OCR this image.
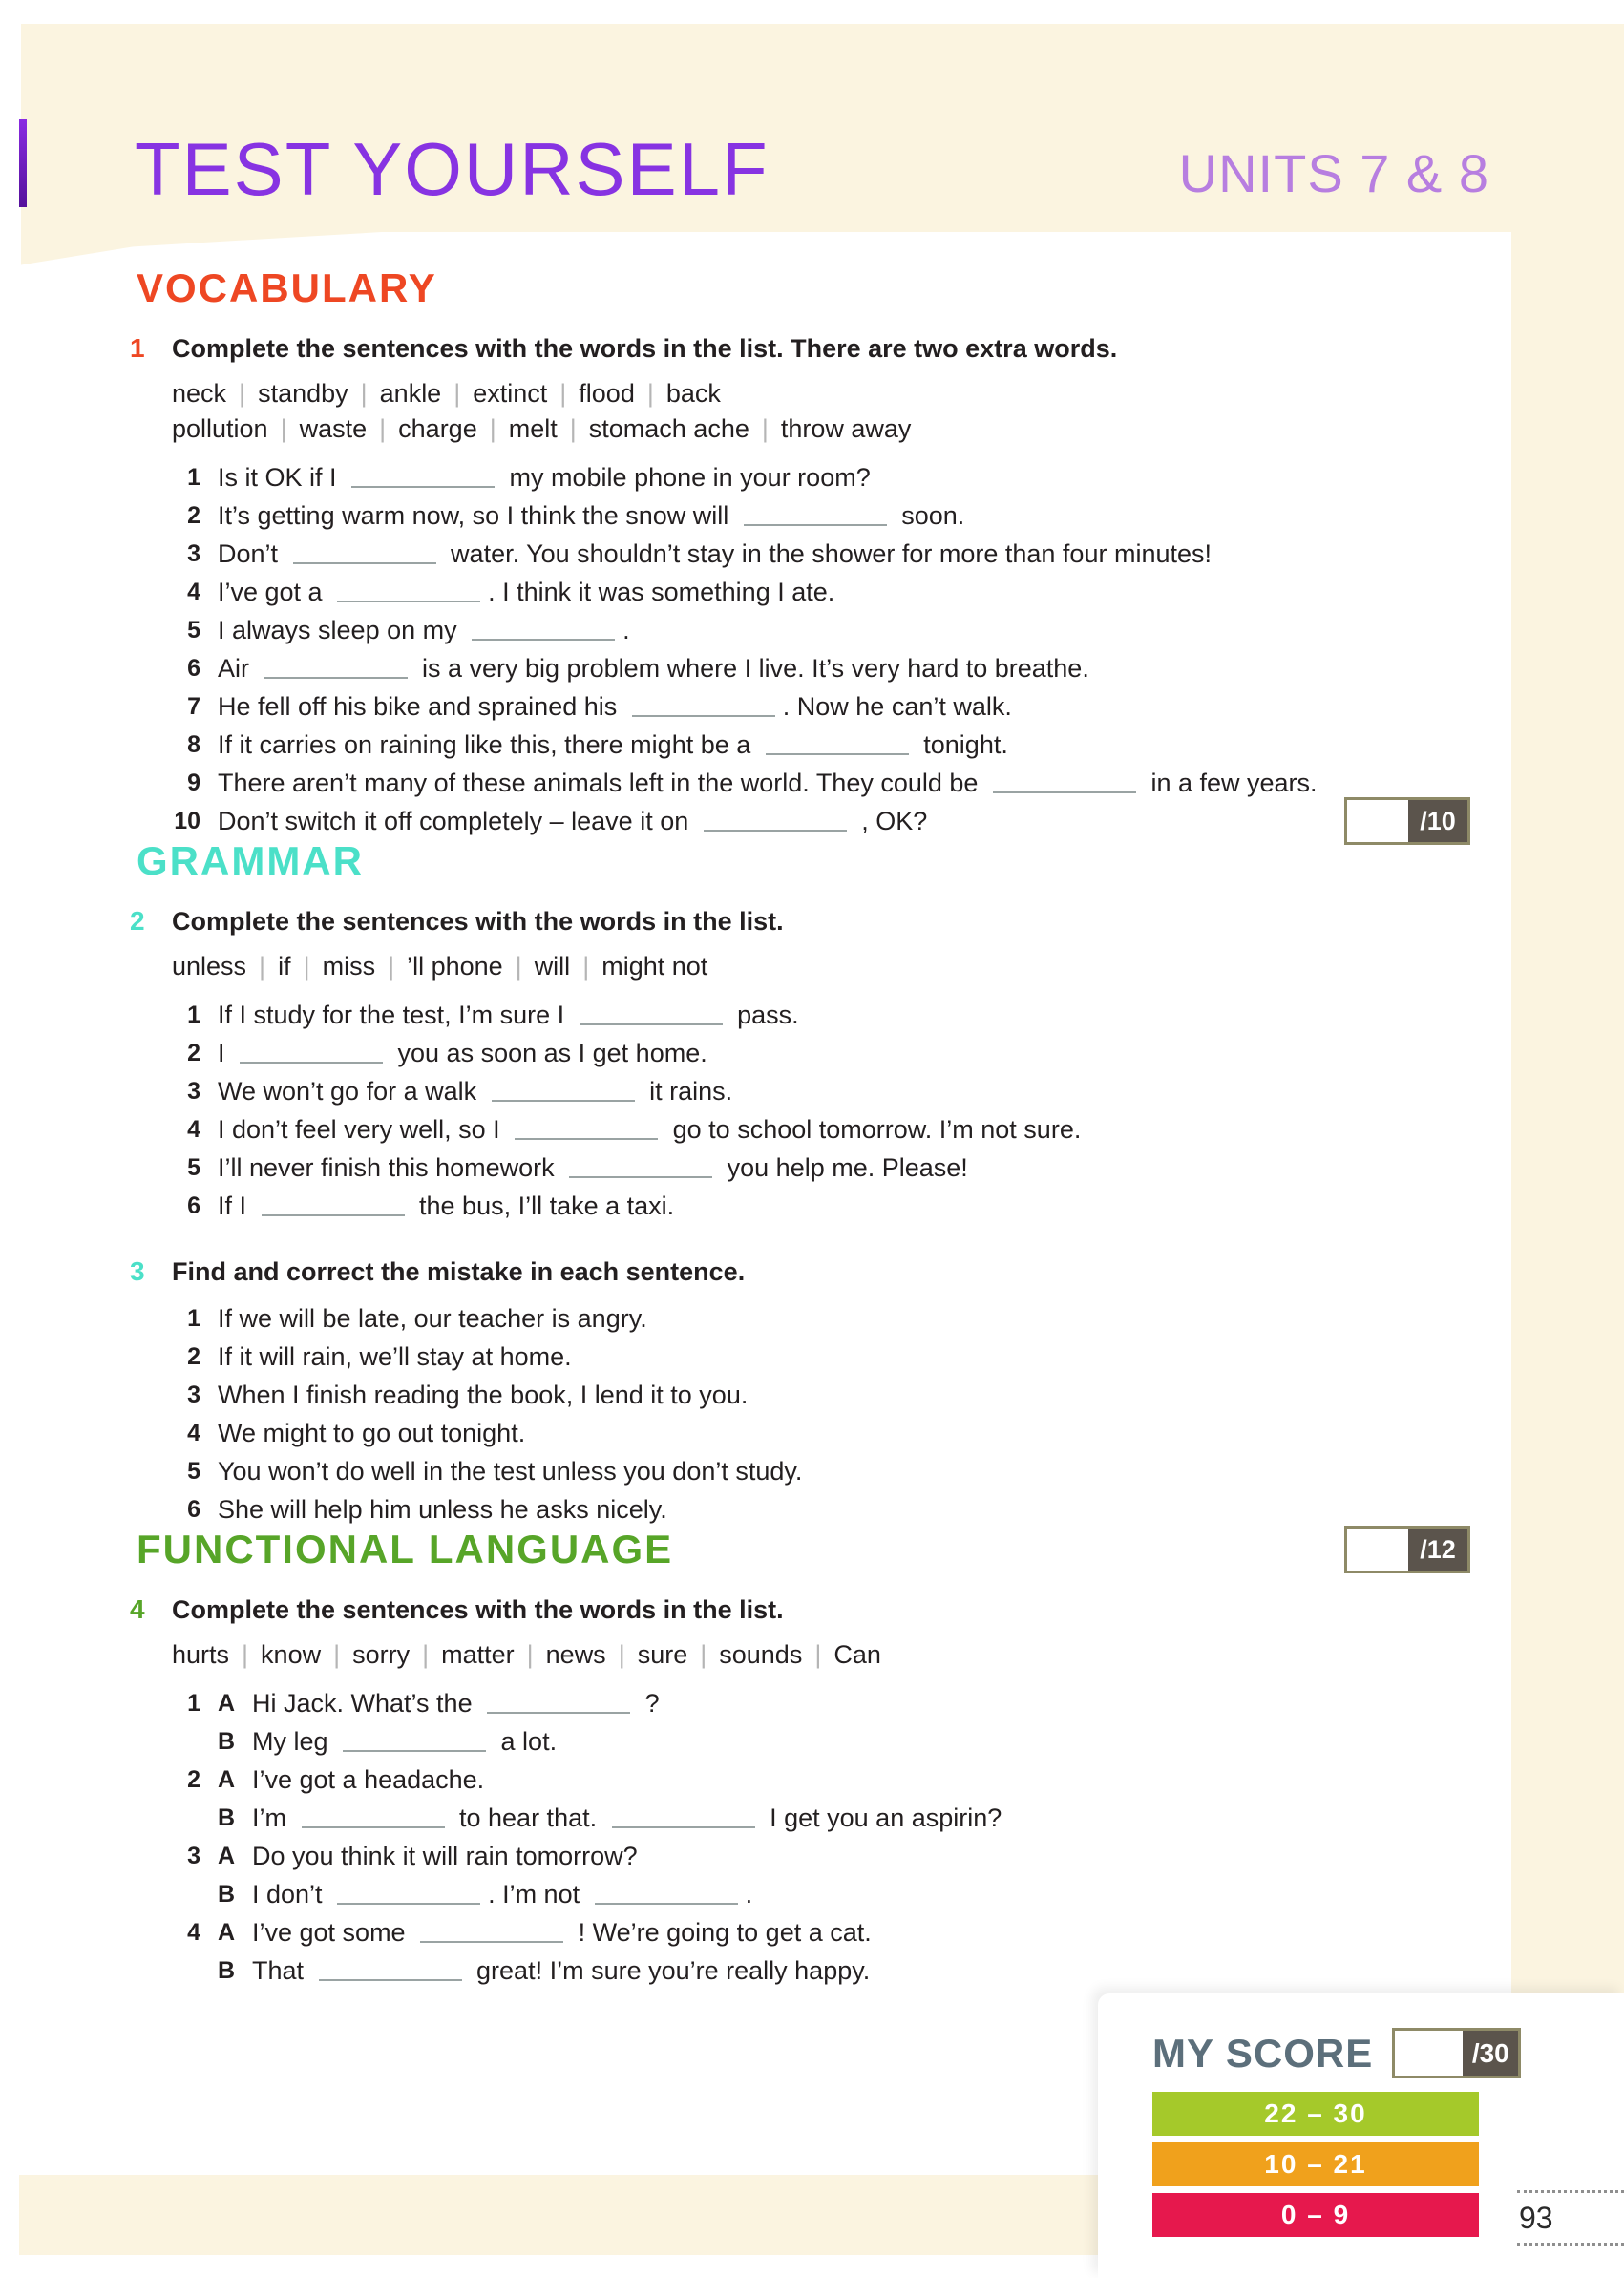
TEST YOURSELF	UNITS 7 & 8
VOCABULARY
1	Complete the sentences with the words in the list. There are two extra words.
neck | standby | ankle | extinct | flood | back
pollution | waste | charge | melt | stomach ache | throw away
1 Is it OK if I	my mobile phone in your room?
2 It’s getting warm now, so I think the snow will	soon.
3 Don’t	water. You shouldn’t stay in the shower for more than four minutes!
4 I’ve got a	. I think it was something I ate.
5 I always sleep on my	.
6 Air	is a very big problem where I live. It’s very hard to breathe.
7 He fell off his bike and sprained his	. Now he can’t walk.
8 If it carries on raining like this, there might be a	tonight.
9 There aren’t many of these animals left in the world. They could be	in a few years.
10 Don’t switch it off completely – leave it on	, OK?
GRAMMAR
2	Complete the sentences with the words in the list.
unless | if | miss | ’ll phone | will | might not
1 If I study for the test, I’m sure I	pass.
2 I	you as soon as I get home.
3 We won’t go for a walk	it rains.
4 I don’t feel very well, so I	go to school tomorrow. I’m not sure.
5 I’ll never finish this homework	you help me. Please!
6 If I	the bus, I’ll take a taxi.
3	Find and correct the mistake in each sentence.
1 If we will be late, our teacher is angry.
2 If it will rain, we’ll stay at home.
3 When I finish reading the book, I lend it to you.
4 We might to go out tonight.
5 You won’t do well in the test unless you don’t study.
6 She will help him unless he asks nicely.
FUNCTIONAL LANGUAGE
4	Complete the sentences with the words in the list.
hurts | know | sorry | matter | news | sure | sounds | Can
1 A Hi Jack. What’s the	?
B My leg	a lot.
2 A I’ve got a headache.
B I’m	to hear that.	I get you an aspirin?
3 A Do you think it will rain tomorrow?
B I don’t	. I’m not	.
4 A I’ve got some	! We’re going to get a cat.
B That	great! I’m sure you’re really happy.
/10
/12
MY SCORE	/30
22 – 30
10 – 21
0 – 9	93
